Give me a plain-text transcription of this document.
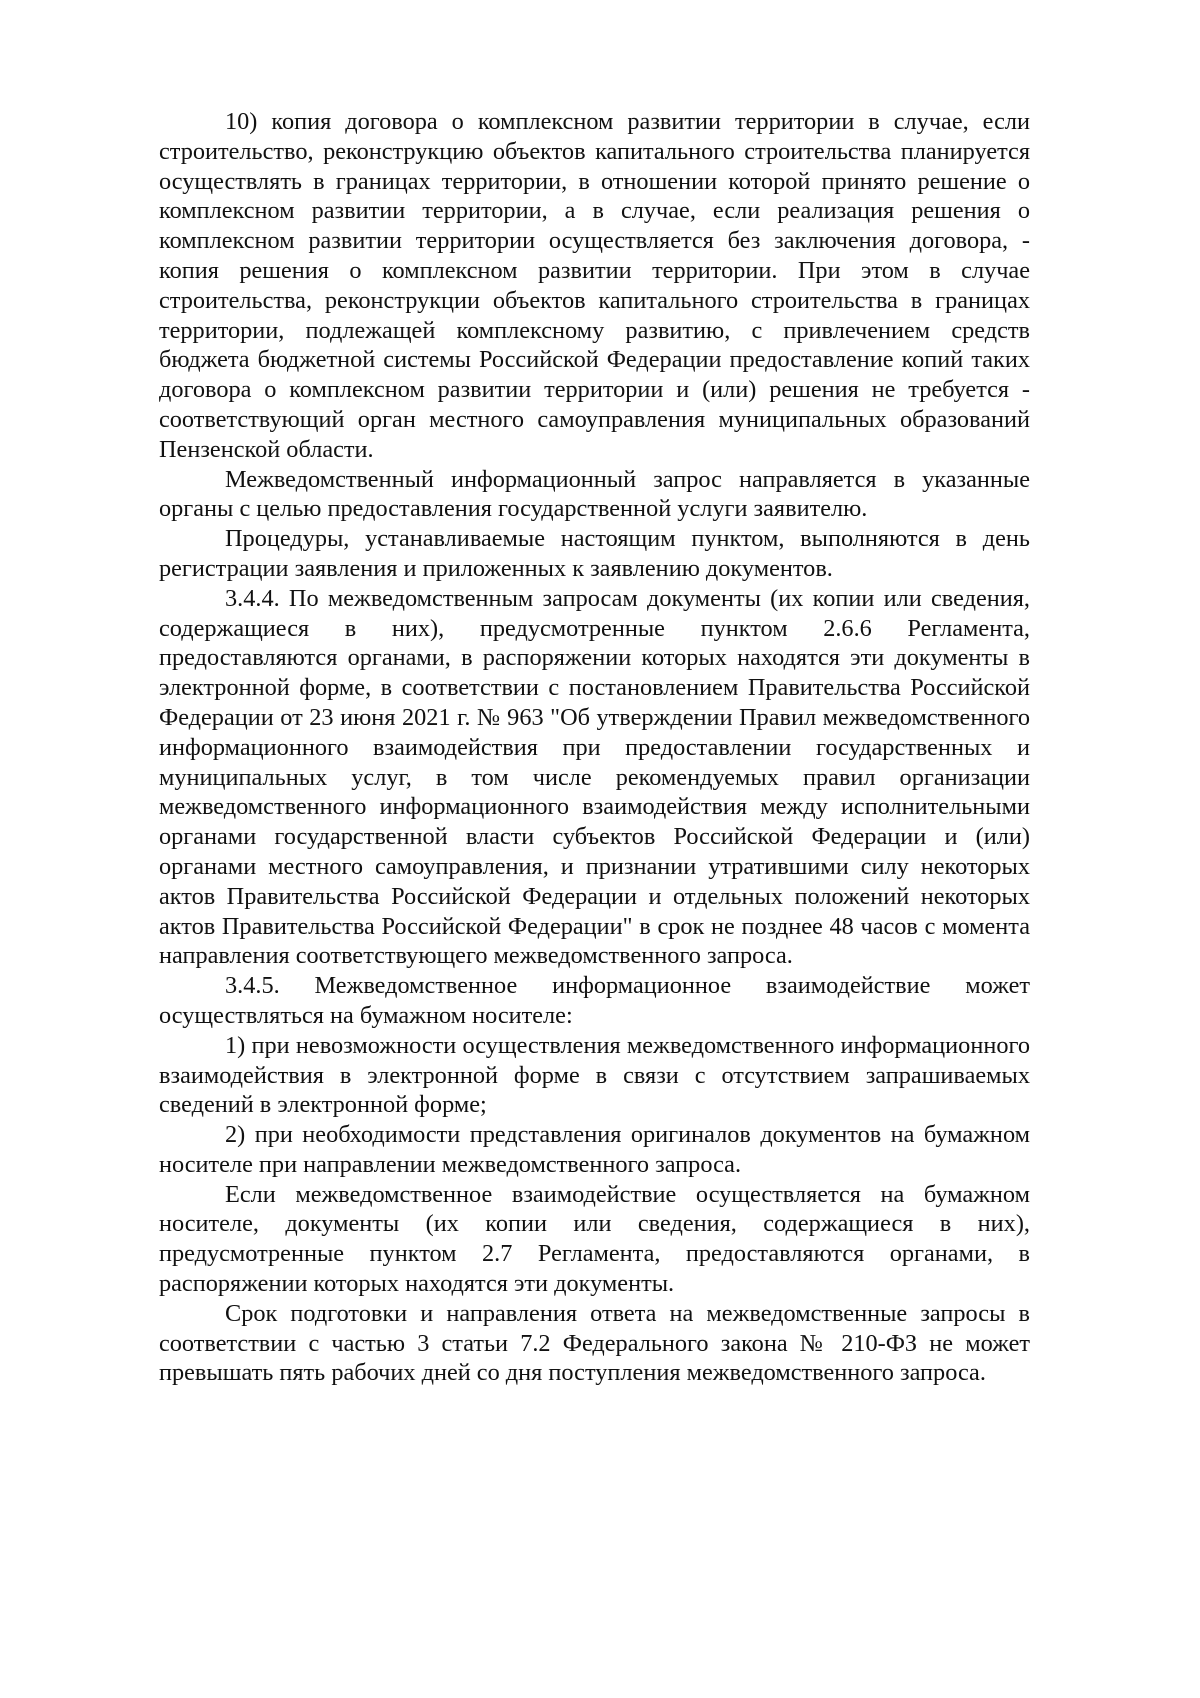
10) копия договора о комплексном развитии территории в случае, если строительство, реконструкцию объектов капитального строительства планируется осуществлять в границах территории, в отношении которой принято решение о комплексном развитии территории, а в случае, если реализация решения о комплексном развитии территории осуществляется без заключения договора, - копия решения о комплексном развитии территории. При этом в случае строительства, реконструкции объектов капитального строительства в границах территории, подлежащей комплексному развитию, с привлечением средств бюджета бюджетной системы Российской Федерации предоставление копий таких договора о комплексном развитии территории и (или) решения не требуется - соответствующий орган местного самоуправления муниципальных образований Пензенской области.

Межведомственный информационный запрос направляется в указанные органы с целью предоставления государственной услуги заявителю.

Процедуры, устанавливаемые настоящим пунктом, выполняются в день регистрации заявления и приложенных к заявлению документов.

3.4.4. По межведомственным запросам документы (их копии или сведения, содержащиеся в них), предусмотренные пунктом 2.6.6 Регламента, предоставляются органами, в распоряжении которых находятся эти документы в электронной форме, в соответствии с постановлением Правительства Российской Федерации от 23 июня 2021 г. № 963 "Об утверждении Правил межведомственного информационного взаимодействия при предоставлении государственных и муниципальных услуг, в том числе рекомендуемых правил организации межведомственного информационного взаимодействия между исполнительными органами государственной власти субъектов Российской Федерации и (или) органами местного самоуправления, и признании утратившими силу некоторых актов Правительства Российской Федерации и отдельных положений некоторых актов Правительства Российской Федерации" в срок не позднее 48 часов с момента направления соответствующего межведомственного запроса.

3.4.5. Межведомственное информационное взаимодействие может осуществляться на бумажном носителе:

1) при невозможности осуществления межведомственного информационного взаимодействия в электронной форме в связи с отсутствием запрашиваемых сведений в электронной форме;

2) при необходимости представления оригиналов документов на бумажном носителе при направлении межведомственного запроса.

Если межведомственное взаимодействие осуществляется на бумажном носителе, документы (их копии или сведения, содержащиеся в них), предусмотренные пунктом 2.7 Регламента, предоставляются органами, в распоряжении которых находятся эти документы.

Срок подготовки и направления ответа на межведомственные запросы в соответствии с частью 3 статьи 7.2 Федерального закона № 210-ФЗ не может превышать пять рабочих дней со дня поступления межведомственного запроса.
